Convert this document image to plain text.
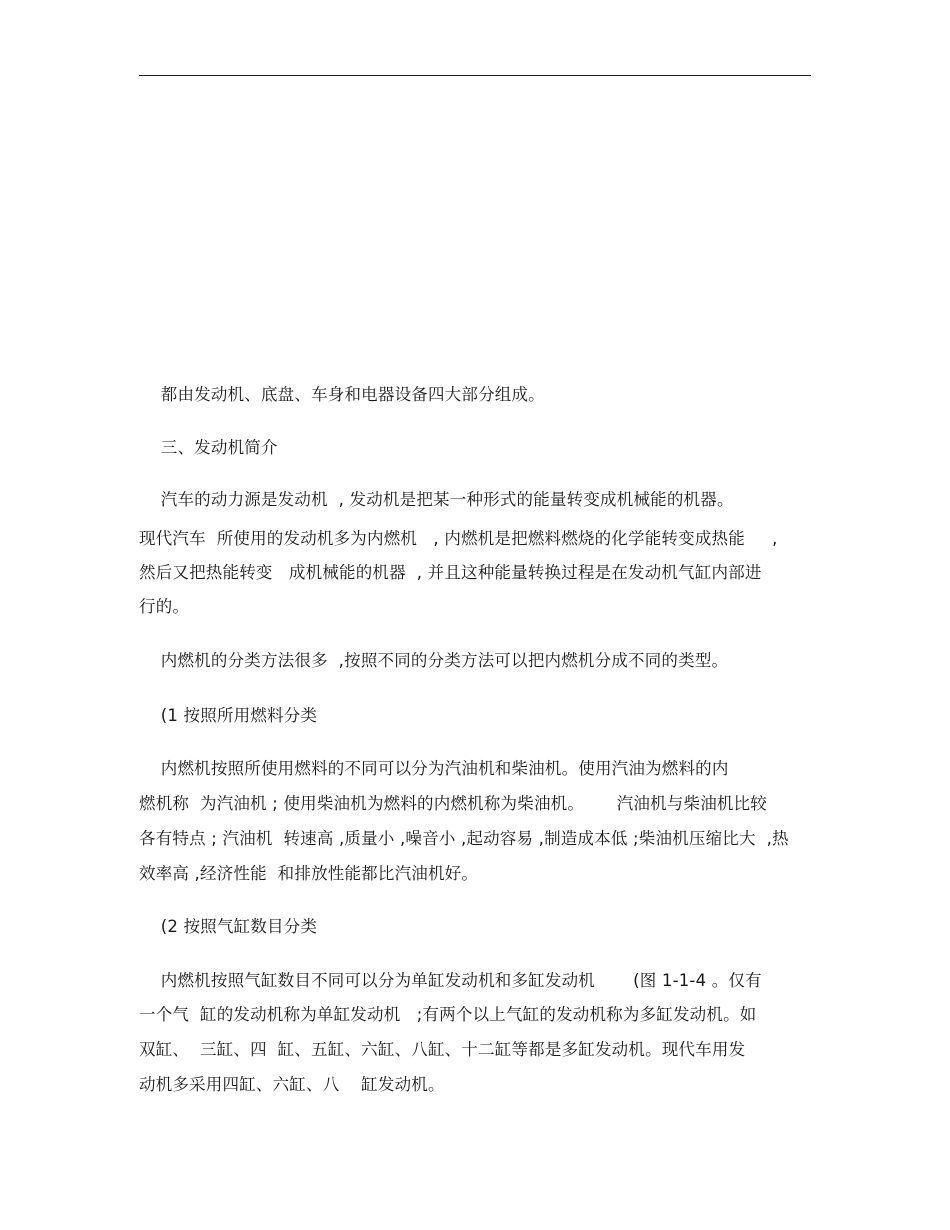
都由发动机、底盘、车身和电器设备四大部分组成。
三、发动机简介
汽车的动力源是发动机  , 发动机是把某一种形式的能量转变成机械能的机器。
现代汽车  所使用的发动机多为内燃机   , 内燃机是把燃料燃烧的化学能转变成热能     ,
然后又把热能转变   成机械能的机器  , 并且这种能量转换过程是在发动机气缸内部进
行的。
内燃机的分类方法很多  ,按照不同的分类方法可以把内燃机分成不同的类型。
(1 按照所用燃料分类
内燃机按照所使用燃料的不同可以分为汽油机和柴油机。使用汽油为燃料的内
燃机称  为汽油机 ; 使用柴油机为燃料的内燃机称为柴油机。      汽油机与柴油机比较
各有特点 ; 汽油机  转速高 ,质量小 ,噪音小 ,起动容易 ,制造成本低 ;柴油机压缩比大  ,热
效率高 ,经济性能  和排放性能都比汽油机好。
(2 按照气缸数目分类
内燃机按照气缸数目不同可以分为单缸发动机和多缸发动机       (图 1-1-4 。仅有
一个气  缸的发动机称为单缸发动机   ;有两个以上气缸的发动机称为多缸发动机。如
双缸、  三缸、四  缸、五缸、六缸、八缸、十二缸等都是多缸发动机。现代车用发
动机多采用四缸、六缸、八    缸发动机。
